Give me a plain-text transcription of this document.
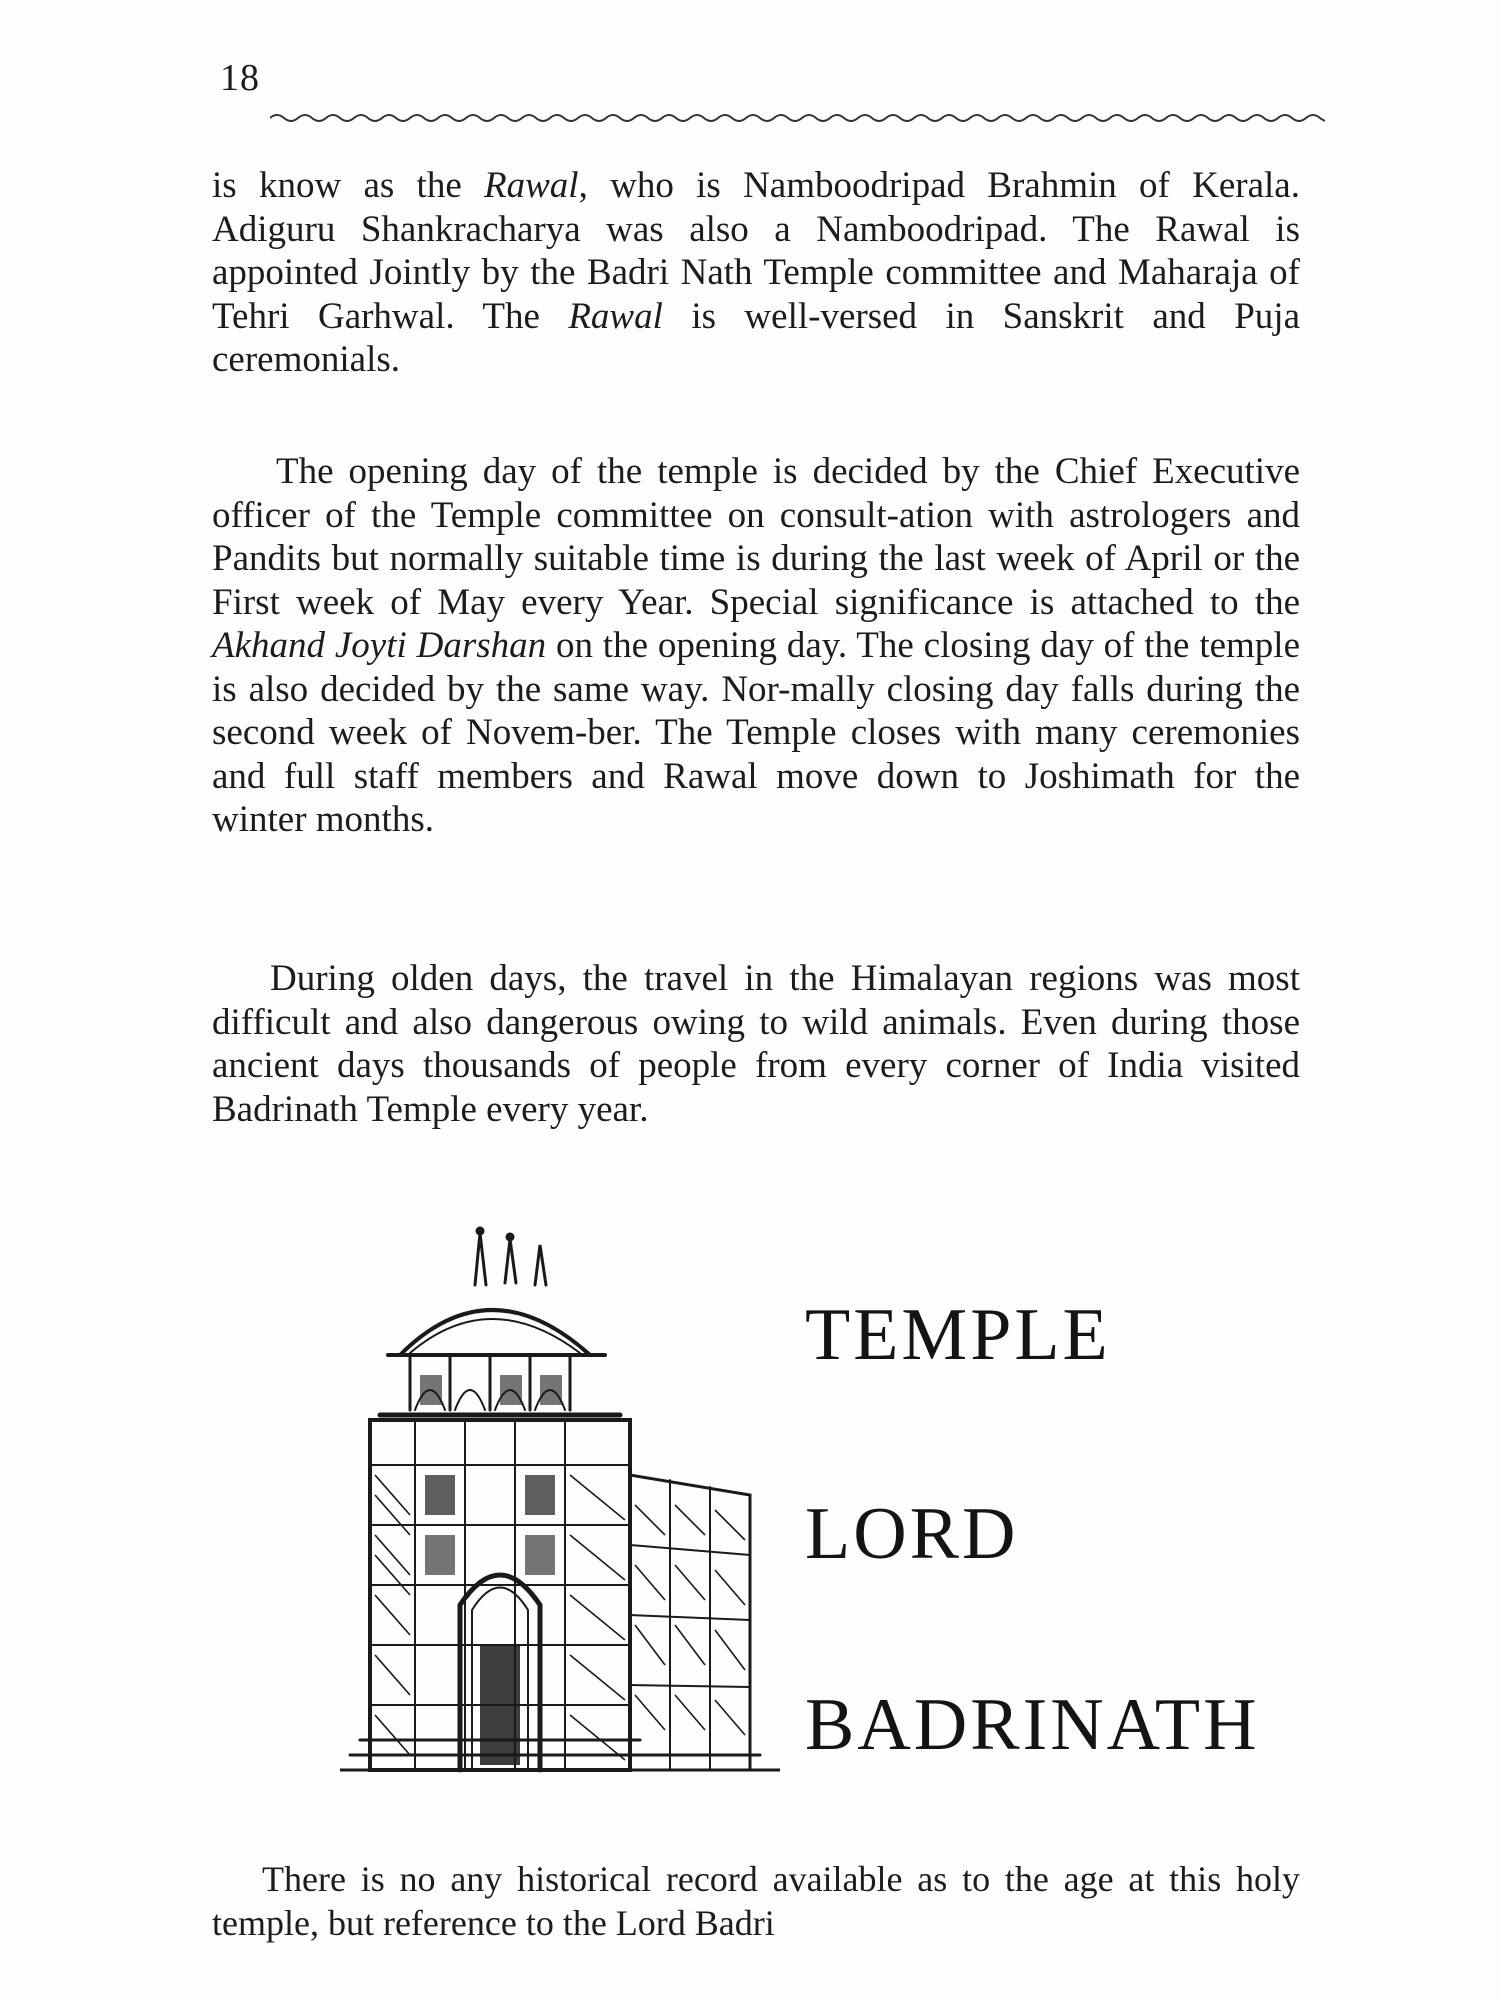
18

is know as the Rawal, who is Namboodripad Brahmin of Kerala. Adiguru Shankracharya was also a Namboodripad. The Rawal is appointed Jointly by the Badri Nath Temple committee and Maharaja of Tehri Garhwal. The Rawal is well-versed in Sanskrit and Puja ceremonials.

The opening day of the temple is decided by the Chief Executive officer of the Temple committee on consult-ation with astrologers and Pandits but normally suitable time is during the last week of April or the First week of May every Year. Special significance is attached to the Akhand Joyti Darshan on the opening day. The closing day of the temple is also decided by the same way. Nor-mally closing day falls during the second week of Novem-ber. The Temple closes with many ceremonies and full staff members and Rawal move down to Joshimath for the winter months.

During olden days, the travel in the Himalayan regions was most difficult and also dangerous owing to wild animals. Even during those ancient days thousands of people from every corner of India visited Badrinath Temple every year.

TEMPLE
LORD
BADRINATH

There is no any historical record available as to the age at this holy temple, but reference to the Lord Badri
